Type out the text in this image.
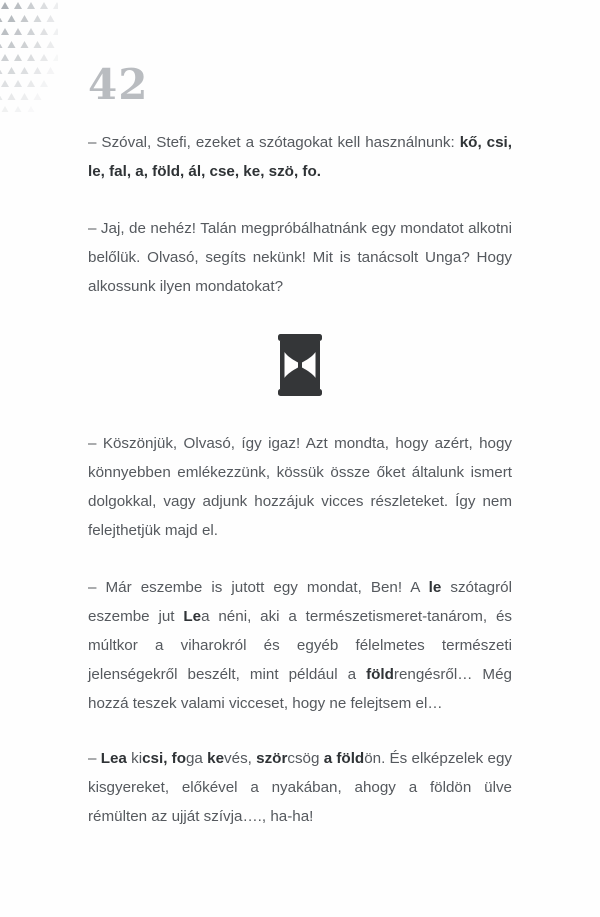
42

– Szóval, Stefi, ezeket a szótagokat kell használnunk: kő, csi, le, fal, a, föld, ál, cse, ke, szö, fo.

– Jaj, de nehéz! Talán megpróbálhatnánk egy mondatot alkotni belőlük. Olvasó, segíts nekünk! Mit is tanácsolt Unga? Hogy alkossunk ilyen mondatokat?

– Köszönjük, Olvasó, így igaz! Azt mondta, hogy azért, hogy könnyebben emlékezzünk, kössük össze őket általunk ismert dolgokkal, vagy adjunk hozzájuk vicces részleteket. Így nem felejthetjük majd el.

– Már eszembe is jutott egy mondat, Ben! A le szótagról eszembe jut Lea néni, aki a természetismeret-tanárom, és múltkor a viharokról és egyéb félelmetes természeti jelenségekről beszélt, mint például a földrengésről… Még hozzá teszek valami vicceset, hogy ne felejtsem el…

– Lea kicsi, foga kevés, szörcsög a földön. És elképzelek egy kisgyereket, előkével a nyakában, ahogy a földön ülve rémülten az ujját szívja…., ha-ha!
